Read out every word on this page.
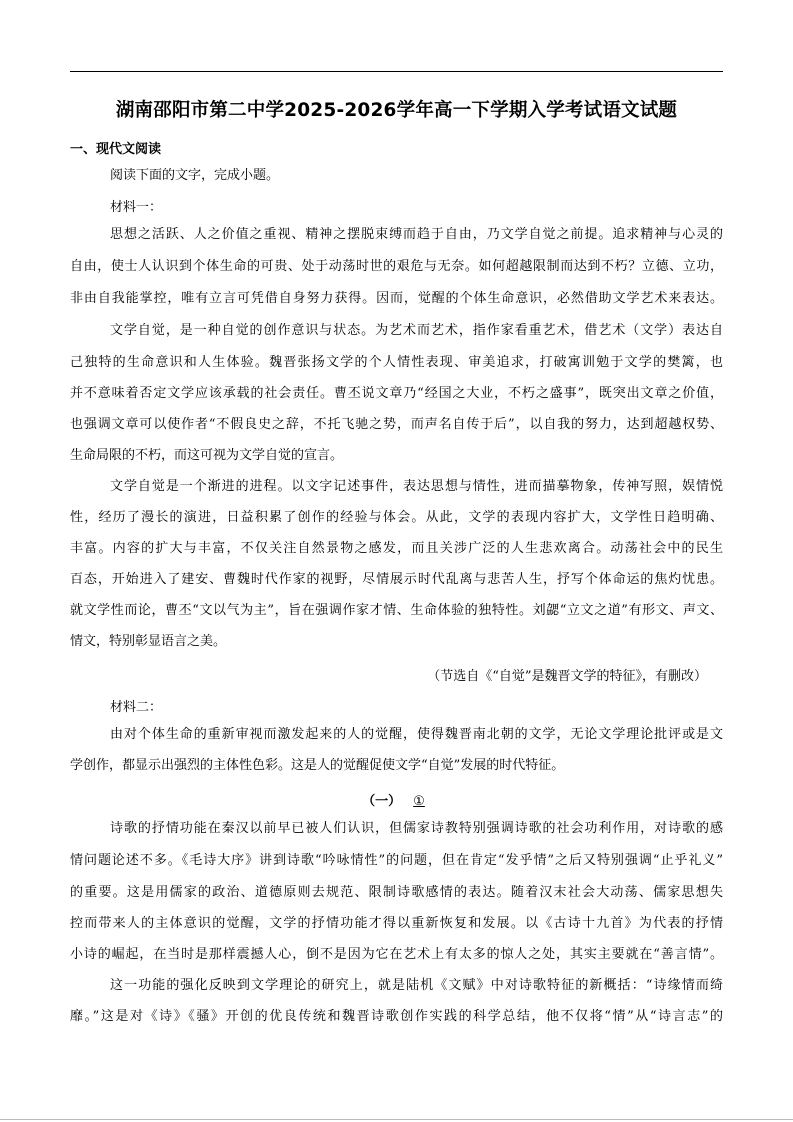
湖南邵阳市第二中学2025-2026学年高一下学期入学考试语文试题
一、现代文阅读
阅读下面的文字，完成小题。
材料一：
思想之活跃、人之价值之重视、精神之摆脱束缚而趋于自由，乃文学自觉之前提。追求精神与心灵的
自由，使士人认识到个体生命的可贵、处于动荡时世的艰危与无奈。如何超越限制而达到不朽？立德、立功，
非由自我能掌控，唯有立言可凭借自身努力获得。因而，觉醒的个体生命意识，必然借助文学艺术来表达。
文学自觉，是一种自觉的创作意识与状态。为艺术而艺术，指作家看重艺术，借艺术（文学）表达自
己独特的生命意识和人生体验。魏晋张扬文学的个人情性表现、审美追求，打破寓训勉于文学的樊篱，也
并不意味着否定文学应该承载的社会责任。曹丕说文章乃“经国之大业，不朽之盛事”，既突出文章之价值，
也强调文章可以使作者“不假良史之辞，不托飞驰之势，而声名自传于后”，以自我的努力，达到超越权势、
生命局限的不朽，而这可视为文学自觉的宣言。
文学自觉是一个渐进的进程。以文字记述事件，表达思想与情性，进而描摹物象，传神写照，娱情悦
性，经历了漫长的演进，日益积累了创作的经验与体会。从此，文学的表现内容扩大，文学性日趋明确、
丰富。内容的扩大与丰富，不仅关注自然景物之感发，而且关涉广泛的人生悲欢离合。动荡社会中的民生
百态，开始进入了建安、曹魏时代作家的视野，尽情展示时代乱离与悲苦人生，抒写个体命运的焦灼忧患。
就文学性而论，曹丕“文以气为主”，旨在强调作家才情、生命体验的独特性。刘勰“立文之道”有形文、声文、
情文，特别彰显语言之美。
（节选自《“自觉”是魏晋文学的特征》，有删改）
材料二：
由对个体生命的重新审视而激发起来的人的觉醒，使得魏晋南北朝的文学，无论文学理论批评或是文
学创作，都显示出强烈的主体性色彩。这是人的觉醒促使文学“自觉”发展的时代特征。
（一） ①
诗歌的抒情功能在秦汉以前早已被人们认识，但儒家诗教特别强调诗歌的社会功利作用，对诗歌的感
情问题论述不多。《毛诗大序》讲到诗歌“吟咏情性”的问题，但在肯定“发乎情”之后又特别强调“止乎礼义”
的重要。这是用儒家的政治、道德原则去规范、限制诗歌感情的表达。随着汉末社会大动荡、儒家思想失
控而带来人的主体意识的觉醒，文学的抒情功能才得以重新恢复和发展。以《古诗十九首》为代表的抒情
小诗的崛起，在当时是那样震撼人心，倒不是因为它在艺术上有太多的惊人之处，其实主要就在“善言情”。
这一功能的强化反映到文学理论的研究上，就是陆机《文赋》中对诗歌特征的新概括：“诗缘情而绮
靡。”这是对《诗》《骚》开创的优良传统和魏晋诗歌创作实践的科学总结，他不仅将“情”从“诗言志”的
